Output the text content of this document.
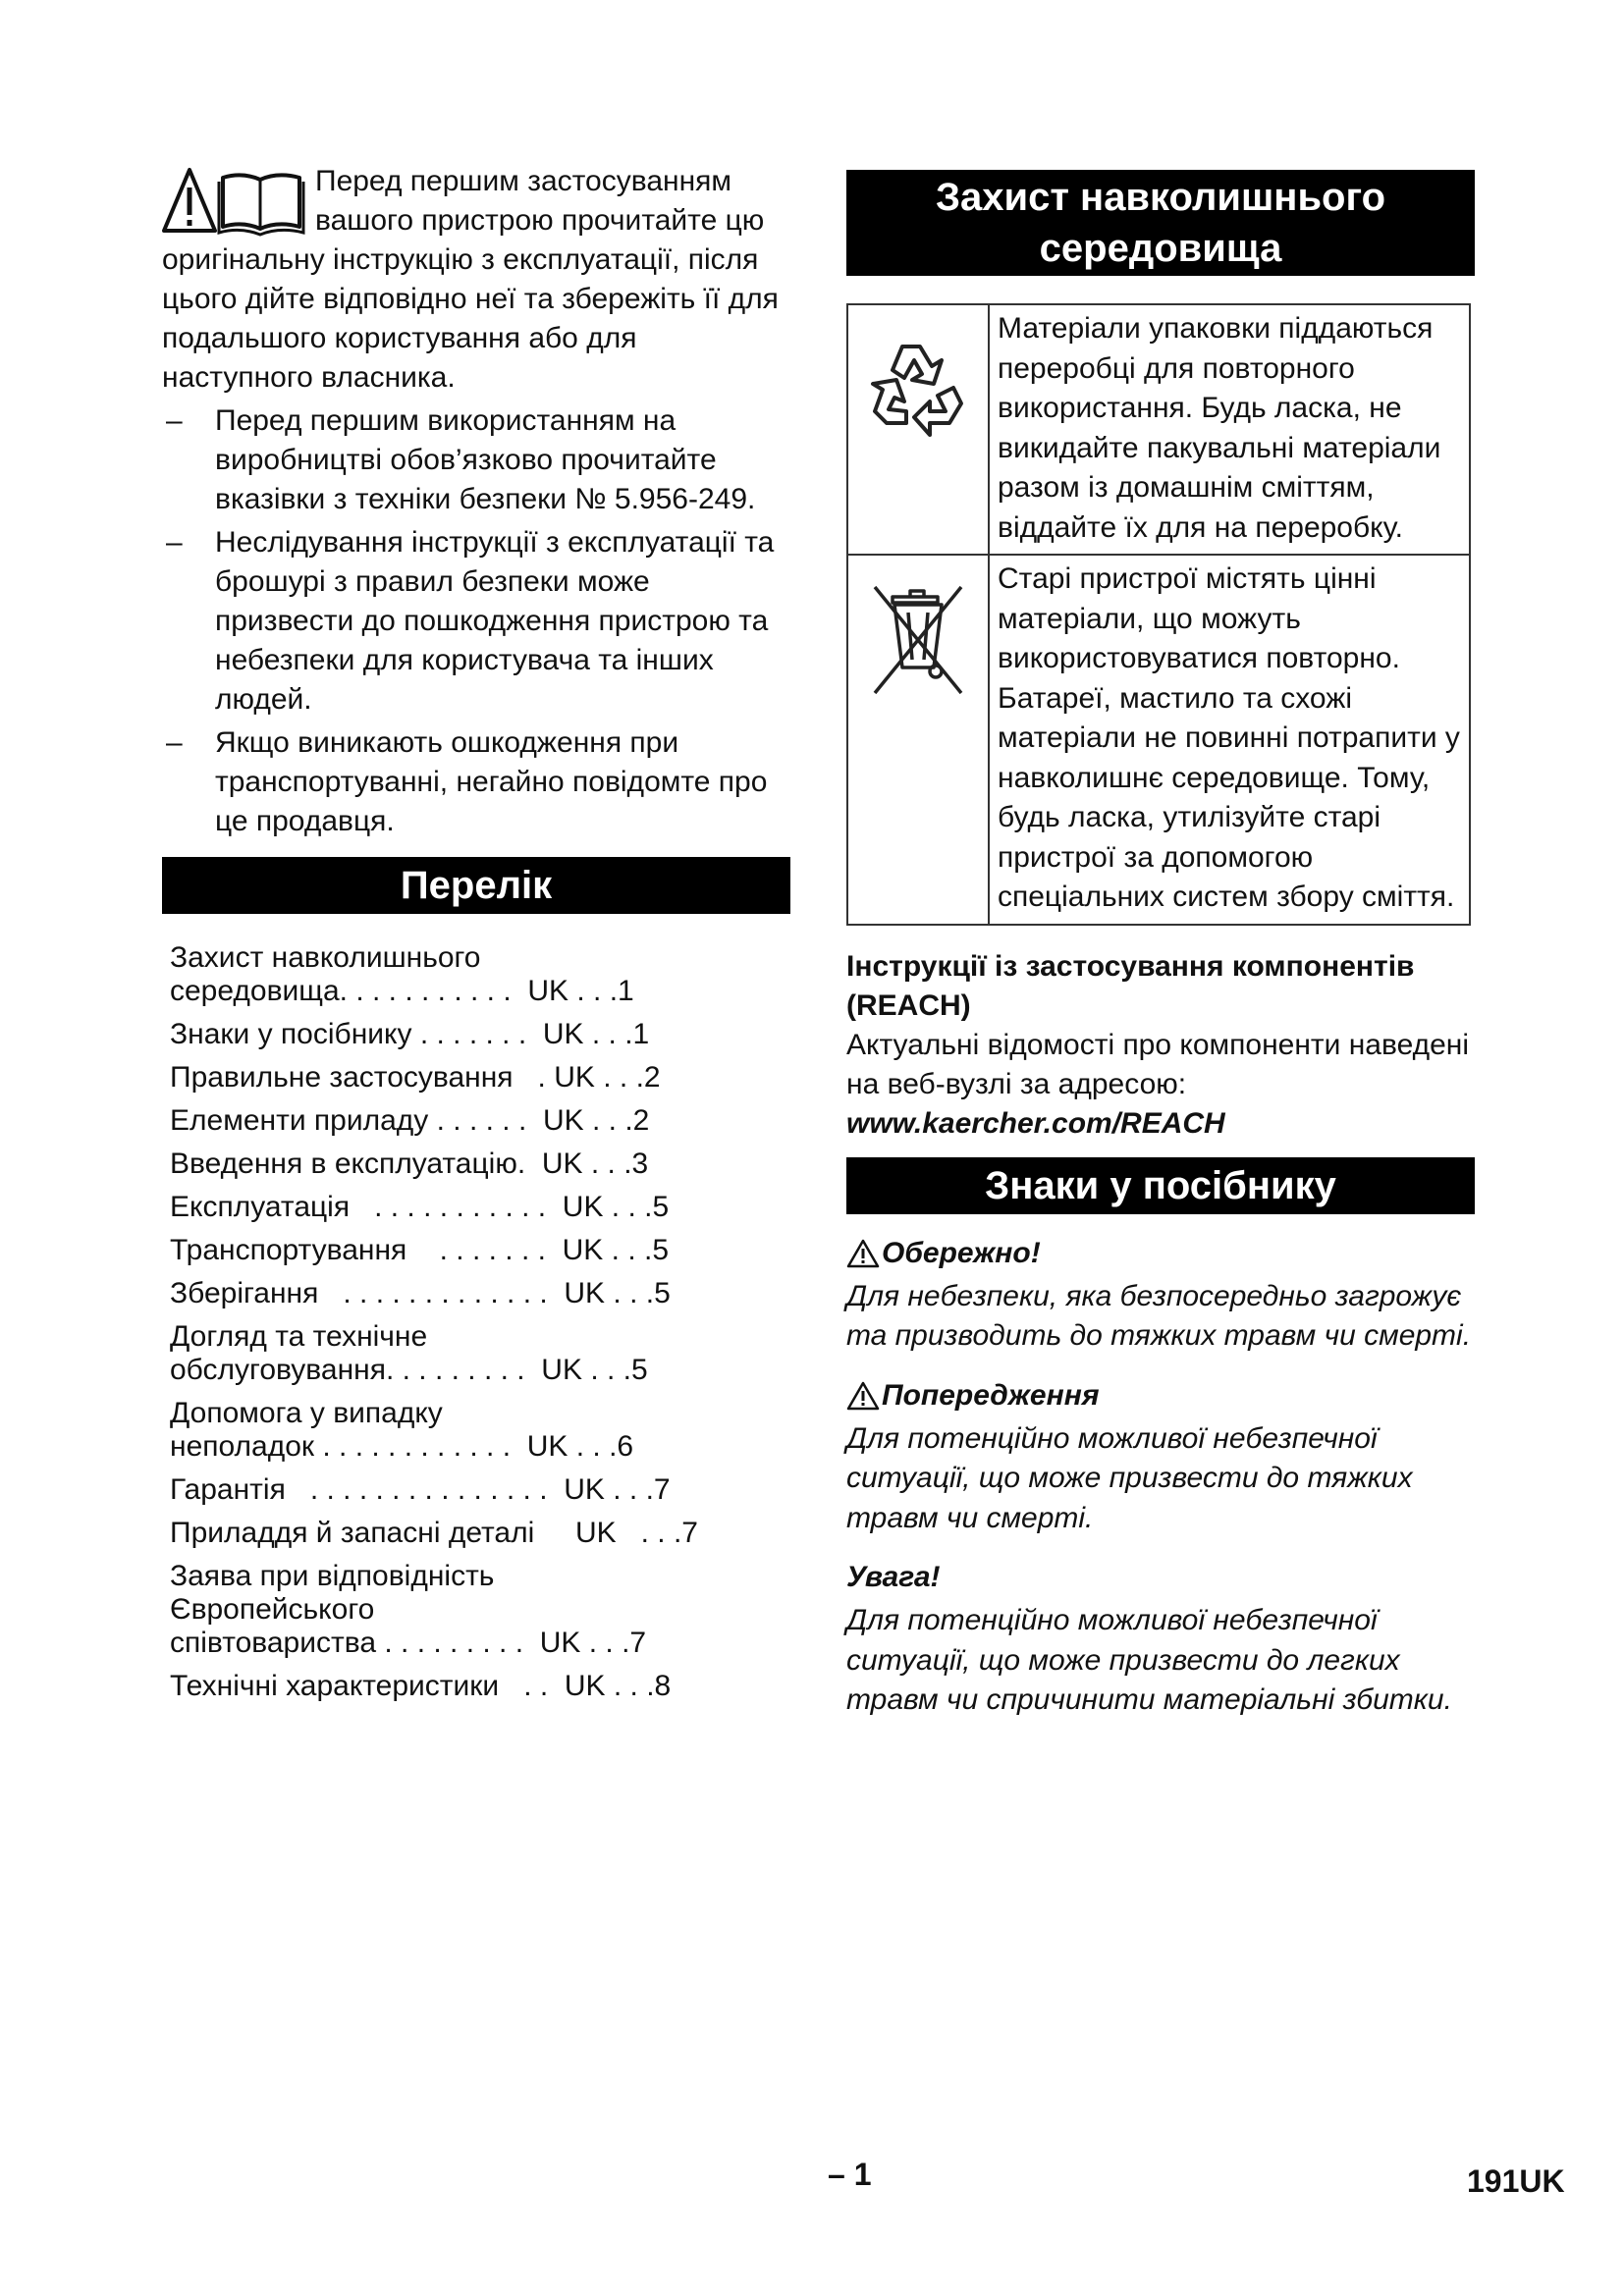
Перед першим застосуванням вашого пристрою прочитайте цю оригінальну інструкцію з експлуатації, після цього дійте відповідно неї та збережіть її для подальшого користування або для наступного власника.
– Перед першим використанням на виробництві обов’язково прочитайте вказівки з техніки безпеки № 5.956-249.
– Неслідування інструкції з експлуатації та брошурі з правил безпеки може призвести до пошкодження пристрою та небезпеки для користувача та інших людей.
– Якщо виникають ошкодження при транспортуванні, негайно повідомте про це продавця.
Перелік
Захист навколишнього
середовища. . . . . . . . . . .  UK . . .1
Знаки у посібнику . . . . . . .  UK . . .1
Правильне застосування   . UK . . .2
Елементи приладу . . . . . .  UK . . .2
Введення в експлуатацію.  UK . . .3
Експлуатація   . . . . . . . . . . .  UK . . .5
Транспортування    . . . . . . .  UK . . .5
Зберігання   . . . . . . . . . . . . .  UK . . .5
Догляд та технічне
обслуговування. . . . . . . . .  UK . . .5
Допомога у випадку
неполадок . . . . . . . . . . . .  UK . . .6
Гарантія   . . . . . . . . . . . . . . .  UK . . .7
Приладдя й запасні деталі     UK   . . .7
Заява при відповідність Європейського
співтовариства . . . . . . . . .  UK . . .7
Технічні характеристики   . .  UK . . .8
Захист навколишнього середовища
	Матеріали упаковки піддаються переробці для повторного використання. Будь ласка, не викидайте пакувальні матеріали разом із домашнім сміттям, віддайте їх для на переробку.
	Старі пристрої містять цінні матеріали, що можуть використовуватися повторно. Батареї, мастило та схожі матеріали не повинні потрапити у навколишнє середовище. Тому, будь ласка, утилізуйте старі пристрої за допомогою спеціальних систем збору сміття.
Інструкції із застосування компонентів (REACH)
Актуальні відомості про компоненти наведені на веб-вузлі за адресою:
www.kaercher.com/REACH
Знаки у посібнику
Обережно!
Для небезпеки, яка безпосередньо загрожує та призводить до тяжких травм чи смерті.
Попередження
Для потенційно можливої небезпечної ситуації, що може призвести до тяжких травм чи смерті.
Увага!
Для потенційно можливої небезпечної ситуації, що може призвести до легких травм чи спричинити матеріальні збитки.
– 1	191UK
